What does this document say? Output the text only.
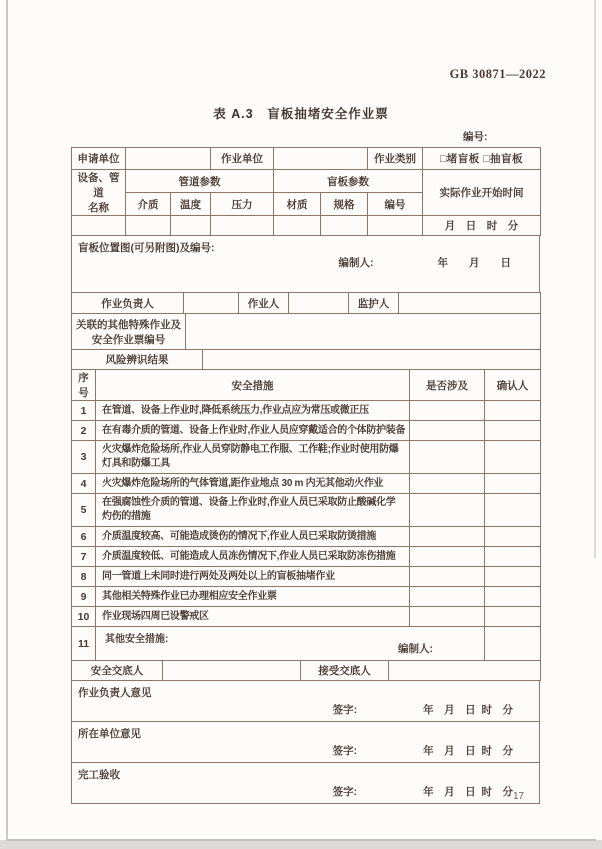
GB 30871—2022
表 A.3　盲板抽堵安全作业票
编号:
申请单位			作业单位			作业类别	□堵盲板 □抽盲板

设备、管道
名称	管道参数			盲板参数			实际作业开始时间
	介质	温度	压力	材质	规格	编号	
							月　日　时　分
盲板位置图(可另附图)及编号:
编制人:	年　　月　　日
作业负责人		作业人		监护人	
关联的其他特殊作业及
安全作业票编号

风险辨识结果	
序号	安全措施	是否涉及	确认人
1	在管道、设备上作业时,降低系统压力,作业点应为常压或微正压		
2	在有毒介质的管道、设备上作业时,作业人员应穿戴适合的个体防护装备		
3	火灾爆炸危险场所,作业人员穿防静电工作服、工作鞋;作业时使用防爆灯具和防爆工具		
4	火灾爆炸危险场所的气体管道,距作业地点 30 m 内无其他动火作业		
5	在强腐蚀性介质的管道、设备上作业时,作业人员已采取防止酸碱化学灼伤的措施		
6	介质温度较高、可能造成烫伤的情况下,作业人员已采取防烫措施		
7	介质温度较低、可能造成人员冻伤情况下,作业人员已采取防冻伤措施		
8	同一管道上未同时进行两处及两处以上的盲板抽堵作业		
9	其他相关特殊作业已办理相应安全作业票		
10	作业现场四周已设警戒区		
11	其他安全措施:
编制人:		

安全交底人		接受交底人	
作业负责人意见
签字:	年　月　日  时　分

所在单位意见
签字:	年　月　日  时　分

完工验收
签字:	年　月　日  时　分 17
